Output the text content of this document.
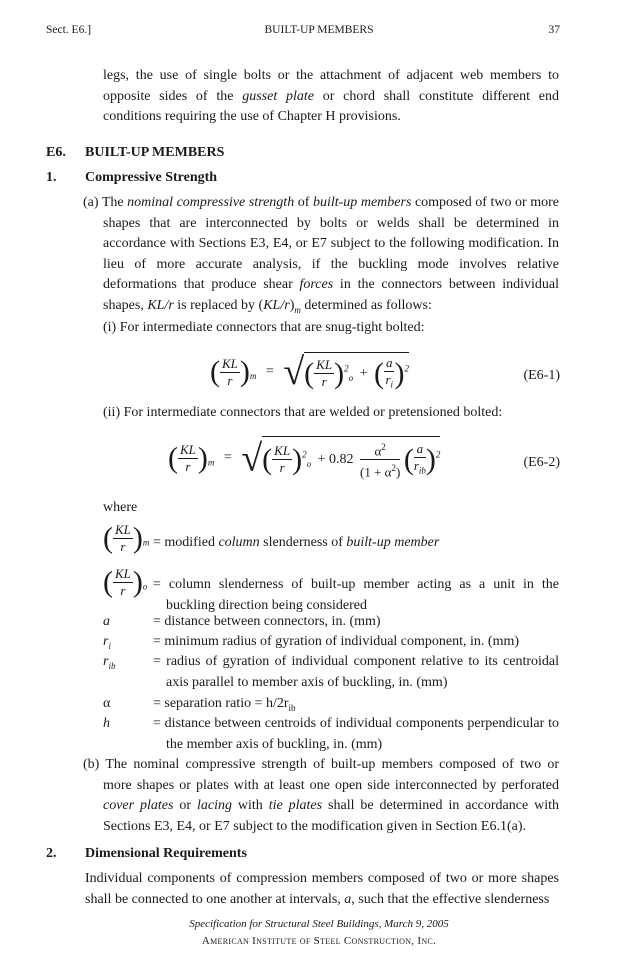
Sect. E6.]	BUILT-UP MEMBERS	37
legs, the use of single bolts or the attachment of adjacent web members to opposite sides of the gusset plate or chord shall constitute different end conditions requiring the use of Chapter H provisions.
E6. BUILT-UP MEMBERS
1. Compressive Strength
(a) The nominal compressive strength of built-up members composed of two or more shapes that are interconnected by bolts or welds shall be determined in accordance with Sections E3, E4, or E7 subject to the following modification. In lieu of more accurate analysis, if the buckling mode involves relative deformations that produce shear forces in the connectors between individual shapes, KL/r is replaced by $(KL/r)_m$ determined as follows:
(i) For intermediate connectors that are snug-tight bolted:
( $\frac{KL}{r} )_m$ = √( $\frac{KL}{r} )^2_o$ + ( $\frac{a}{r_i} )^2$	(E6-1)
(ii) For intermediate connectors that are welded or pretensioned bolted:
( $\frac{KL}{r} )_m$ = √( $\frac{KL}{r} )^2_o + 0.82 \frac{\alpha^2}{(1 + \alpha^2)}$ ( $\frac{a}{r_{ib}} )^2$
(E6-2)
where
( $\frac{KL}{r} )_m$ = modified column slenderness of built-up member
( $\frac{KL}{r} )_o$ = column slenderness of built-up member acting as a unit in the buckling direction being considered
a	= distance between connectors, in. (mm)
$r_i$	= minimum radius of gyration of individual component, in. (mm)
$r_{ib}$	= radius of gyration of individual component relative to its centroidal axis parallel to member axis of buckling, in. (mm)
α	= separation ratio = $h/2r_{ib}$
h	= distance between centroids of individual components perpendicular to the member axis of buckling, in. (mm)
(b) The nominal compressive strength of built-up members composed of two or more shapes or plates with at least one open side interconnected by perforated cover plates or lacing with tie plates shall be determined in accordance with Sections E3, E4, or E7 subject to the modification given in Section E6.1(a).
2. Dimensional Requirements
Individual components of compression members composed of two or more shapes shall be connected to one another at intervals, a, such that the effective slenderness
Specification for Structural Steel Buildings, March 9, 2005
American Institute of Steel Construction, Inc.
